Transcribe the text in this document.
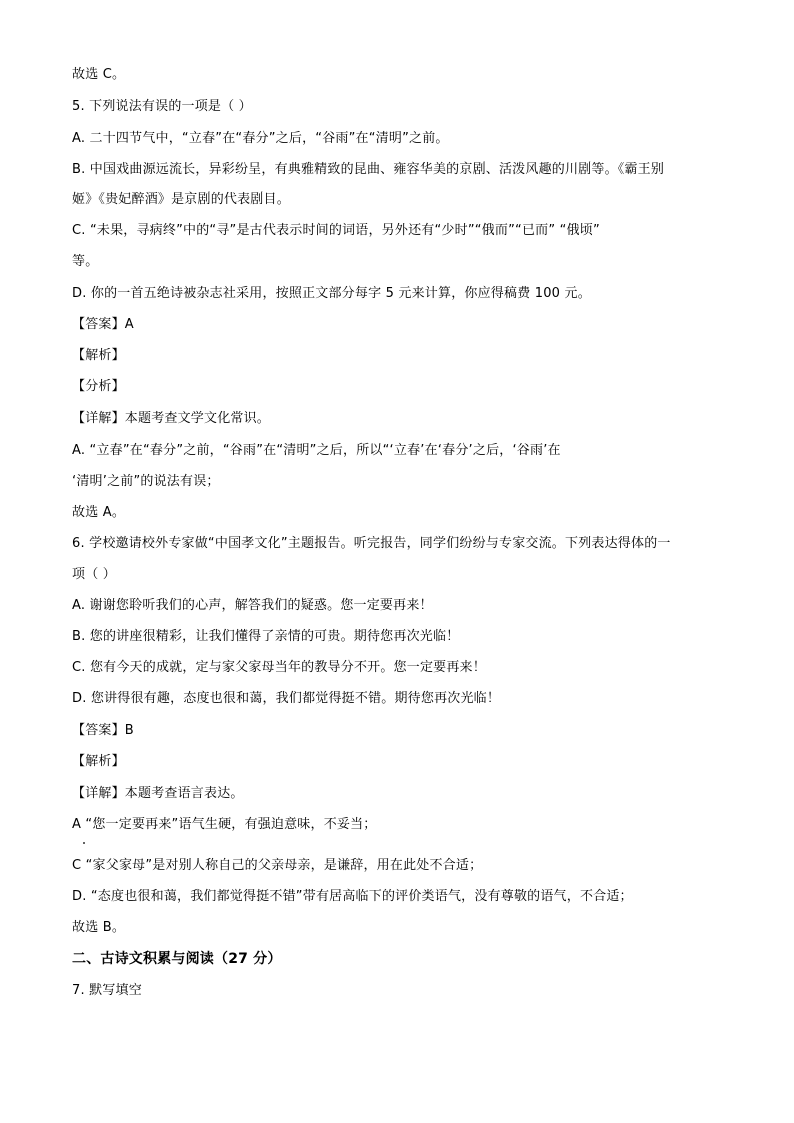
故选 C。
5. 下列说法有误的一项是（ ）
A. 二十四节气中，“立春”在“春分”之后，“谷雨”在“清明”之前。
B. 中国戏曲源远流长，异彩纷呈，有典雅精致的昆曲、雍容华美的京剧、活泼风趣的川剧等。《霸王别
姬》《贵妃醉酒》是京剧的代表剧目。
C. “未果，寻病终”中的“寻”是古代表示时间的词语，另外还有“少时”“俄而”“已而” “俄顷”
等。
D. 你的一首五绝诗被杂志社采用，按照正文部分每字 5 元来计算，你应得稿费 100 元。
【答案】A
【解析】
【分析】
【详解】本题考查文学文化常识。
A. “立春”在“春分”之前，“谷雨”在“清明”之后，所以“‘立春’在‘春分’之后，‘谷雨’在
‘清明’之前”的说法有误；
故选 A。
6. 学校邀请校外专家做“中国孝文化”主题报告。听完报告，同学们纷纷与专家交流。下列表达得体的一
项（ ）
A. 谢谢您聆听我们的心声，解答我们的疑惑。您一定要再来！
B. 您的讲座很精彩，让我们懂得了亲情的可贵。期待您再次光临！
C. 您有今天的成就，定与家父家母当年的教导分不开。您一定要再来！
D. 您讲得很有趣，态度也很和蔼，我们都觉得挺不错。期待您再次光临！
【答案】B
【解析】
【详解】本题考查语言表达。
A “您一定要再来”语气生硬，有强迫意味，不妥当；
C “家父家母”是对别人称自己的父亲母亲，是谦辞，用在此处不合适；
D. “态度也很和蔼，我们都觉得挺不错”带有居高临下的评价类语气，没有尊敬的语气，不合适；
故选 B。
二、古诗文积累与阅读（27 分）
7. 默写填空
